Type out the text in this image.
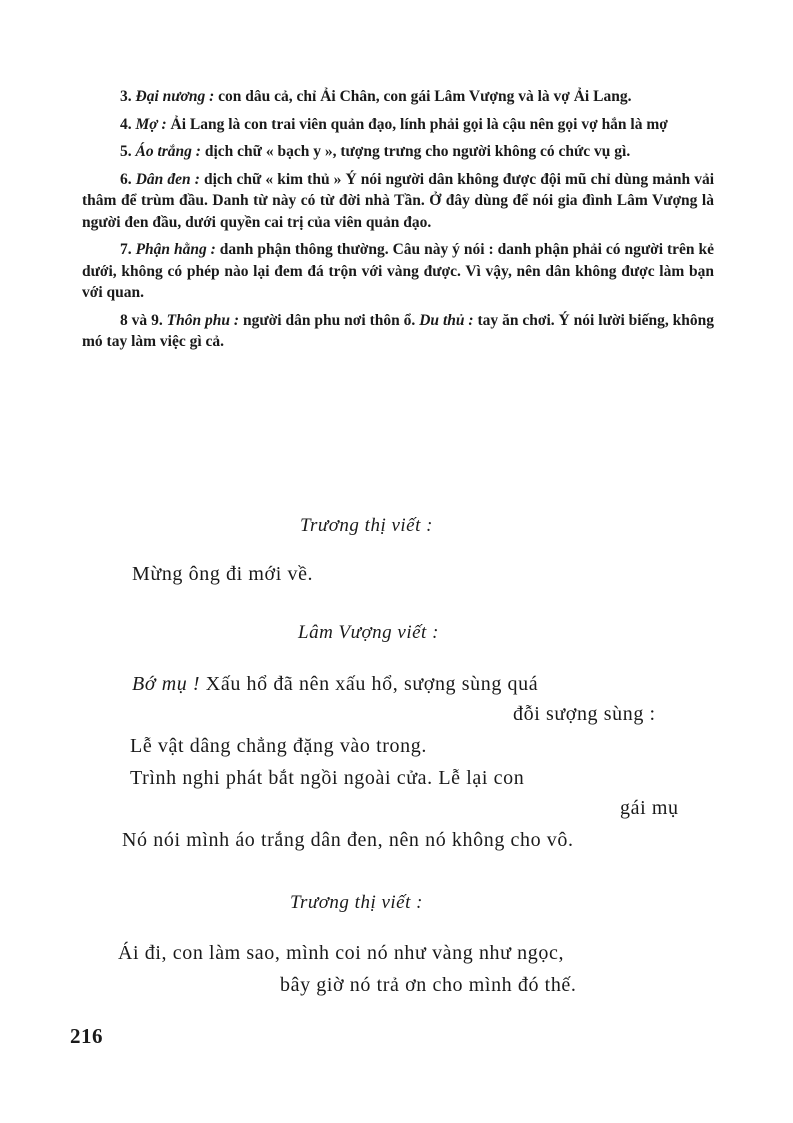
3. Đại nương : con dâu cả, chỉ Ải Chân, con gái Lâm Vượng và là vợ Ải Lang.

4. Mợ : Ải Lang là con trai viên quản đạo, lính phải gọi là cậu nên gọi vợ hắn là mợ

5. Áo trắng : dịch chữ « bạch y », tượng trưng cho người không có chức vụ gì.

6. Dân đen : dịch chữ « kim thủ » Ý nói người dân không được đội mũ chỉ dùng mảnh vải thâm để trùm đầu. Danh từ này có từ đời nhà Tần. Ở đây dùng để nói gia đình Lâm Vượng là người đen đầu, dưới quyền cai trị của viên quản đạo.

7. Phận hằng : danh phận thông thường. Câu này ý nói : danh phận phải có người trên kẻ dưới, không có phép nào lại đem đá trộn với vàng được. Vì vậy, nên dân không được làm bạn với quan.

8 và 9. Thôn phu : người dân phu nơi thôn ổ. Du thủ : tay ăn chơi. Ý nói lười biếng, không mó tay làm việc gì cả.

Trương thị viết :
Mừng ông đi mới về.
Lâm Vượng viết :
Bớ mụ ! Xấu hổ đã nên xấu hổ, sượng sùng quá
đỗi sượng sùng :
Lễ vật dâng chẳng đặng vào trong.
Trình nghi phát bắt ngồi ngoài cửa. Lễ lại con
gái mụ
Nó nói mình áo trắng dân đen, nên nó không cho vô.
Trương thị viết :
Ái đi, con làm sao, mình coi nó như vàng như ngọc,
bây giờ nó trả ơn cho mình đó thế.
216
